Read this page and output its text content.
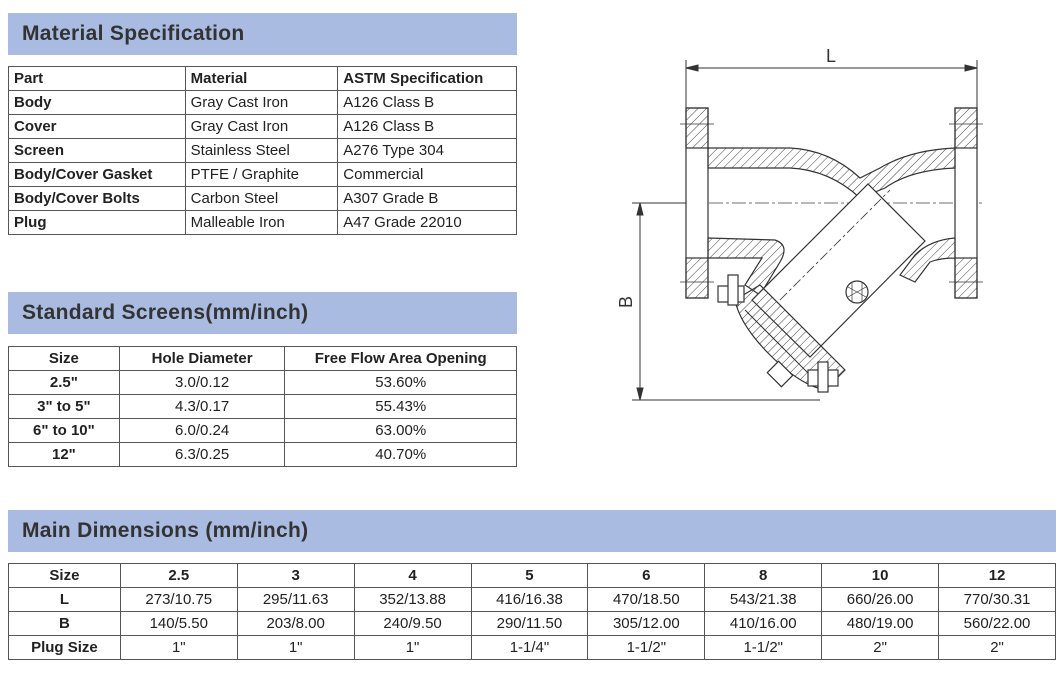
Material Specification
Part	Material	ASTM Specification
Body	Gray Cast Iron	A126 Class B
Cover	Gray Cast Iron	A126 Class B
Screen	Stainless Steel	A276 Type 304
Body/Cover Gasket	PTFE / Graphite	Commercial
Body/Cover Bolts	Carbon Steel	A307 Grade B
Plug	Malleable Iron	A47 Grade 22010
Standard Screens(mm/inch)
Size	Hole Diameter	Free Flow Area Opening
2.5"	3.0/0.12	53.60%
3" to 5"	4.3/0.17	55.43%
6" to 10"	6.0/0.24	63.00%
12"	6.3/0.25	40.70%
Main Dimensions (mm/inch)
Size	2.5	3	4	5	6	8	10	12
L	273/10.75	295/11.63	352/13.88	416/16.38	470/18.50	543/21.38	660/26.00	770/30.31
B	140/5.50	203/8.00	240/9.50	290/11.50	305/12.00	410/16.00	480/19.00	560/22.00
Plug Size	1"	1"	1"	1-1/4"	1-1/2"	1-1/2"	2"	2"
L
B
